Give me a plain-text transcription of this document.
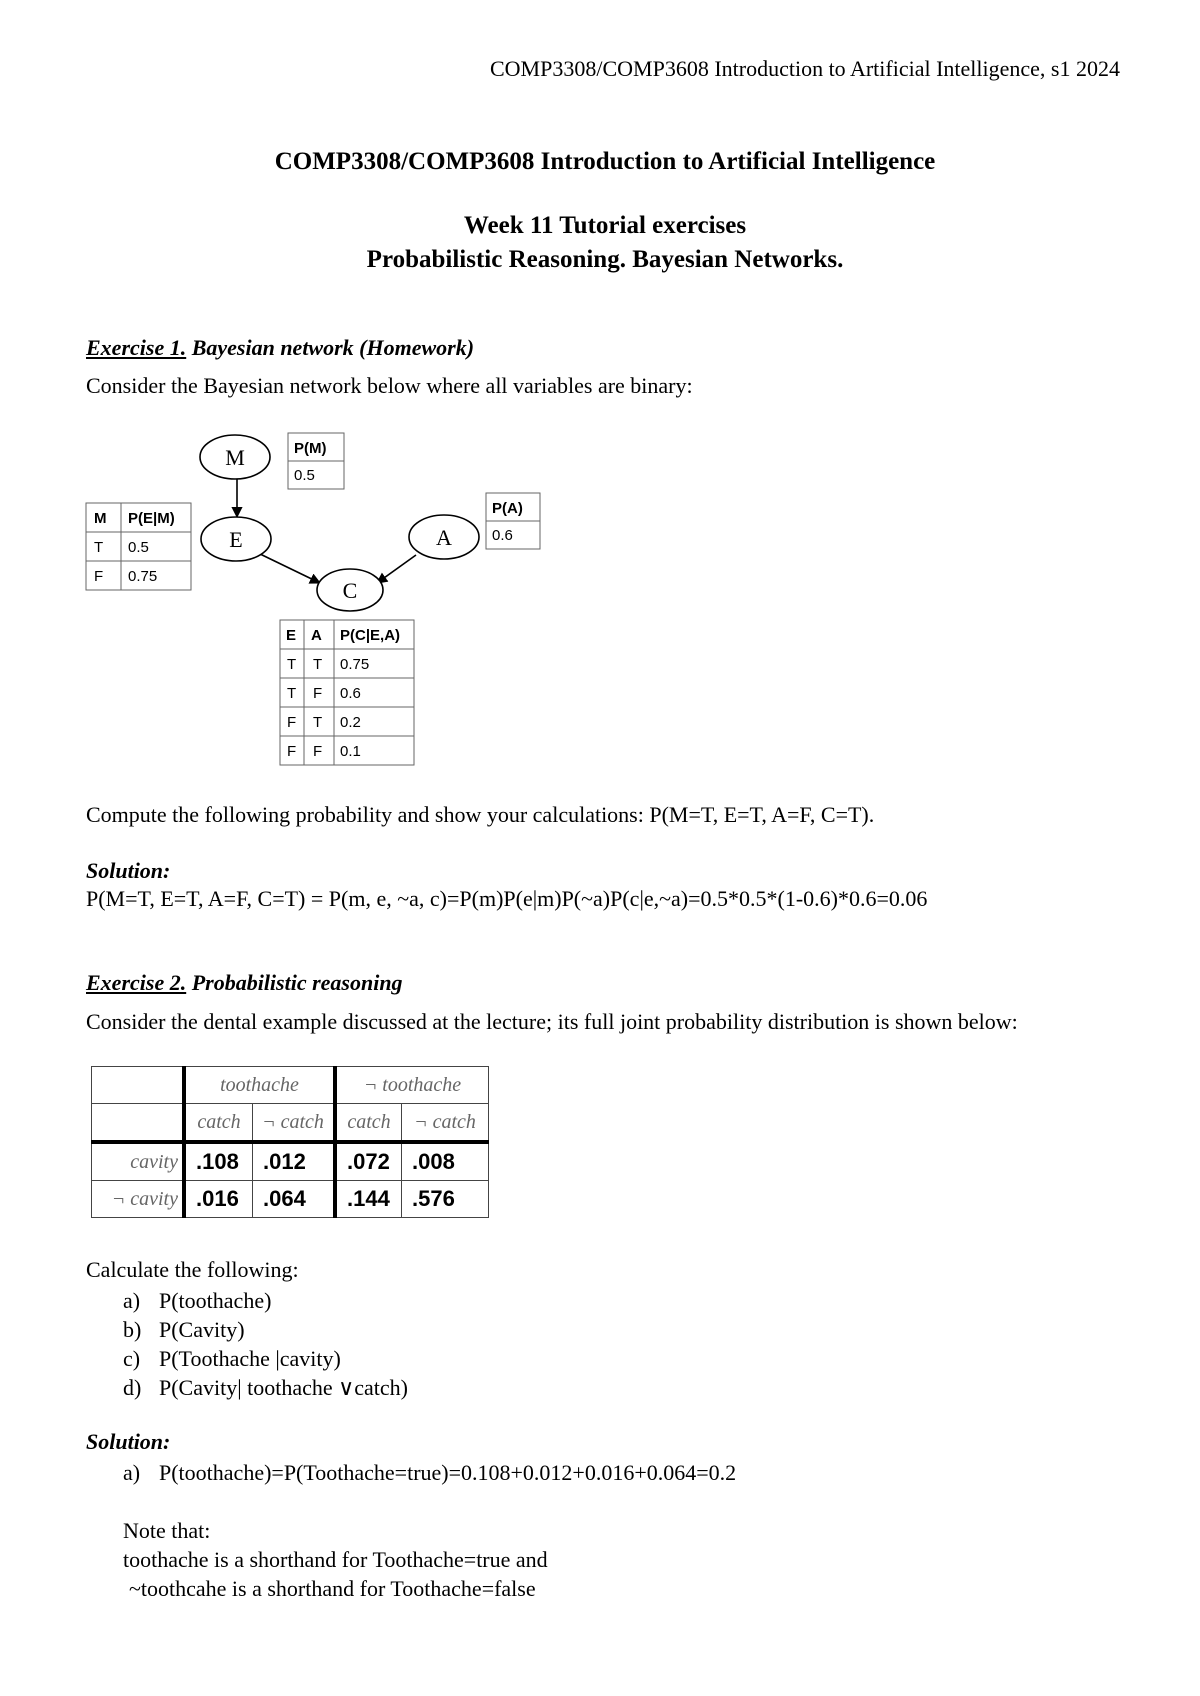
COMP3308/COMP3608 Introduction to Artificial Intelligence, s1 2024
COMP3308/COMP3608 Introduction to Artificial Intelligence
Week 11 Tutorial exercises
Probabilistic Reasoning. Bayesian Networks.
Exercise 1. Bayesian network (Homework)
Consider the Bayesian network below where all variables are binary:
M
E	A
C
P(M)
0.5
P(A)
0.6
M P(E|M)
T 0.5
F 0.75
E A P(C|E,A)
T T 0.75
T F 0.6
F T 0.2
F F 0.1
Compute the following probability and show your calculations: P(M=T, E=T, A=F, C=T).
Solution:
P(M=T, E=T, A=F, C=T) = P(m, e, ~a, c)=P(m)P(e|m)P(~a)P(c|e,~a)=0.5*0.5*(1-0.6)*0.6=0.06
Exercise 2. Probabilistic reasoning
Consider the dental example discussed at the lecture; its full joint probability distribution is shown below:
	toothache		¬ toothache	
	catch	¬ catch	catch	¬ catch
cavity	.108	.012	.072	.008
¬ cavity	.016	.064	.144	.576
Calculate the following:
a) P(toothache)
b) P(Cavity)
c) P(Toothache |cavity)
d) P(Cavity| toothache ∨catch)
Solution:
a) P(toothache)=P(Toothache=true)=0.108+0.012+0.016+0.064=0.2
Note that:
toothache is a shorthand for Toothache=true and
~toothcahe is a shorthand for Toothache=false
